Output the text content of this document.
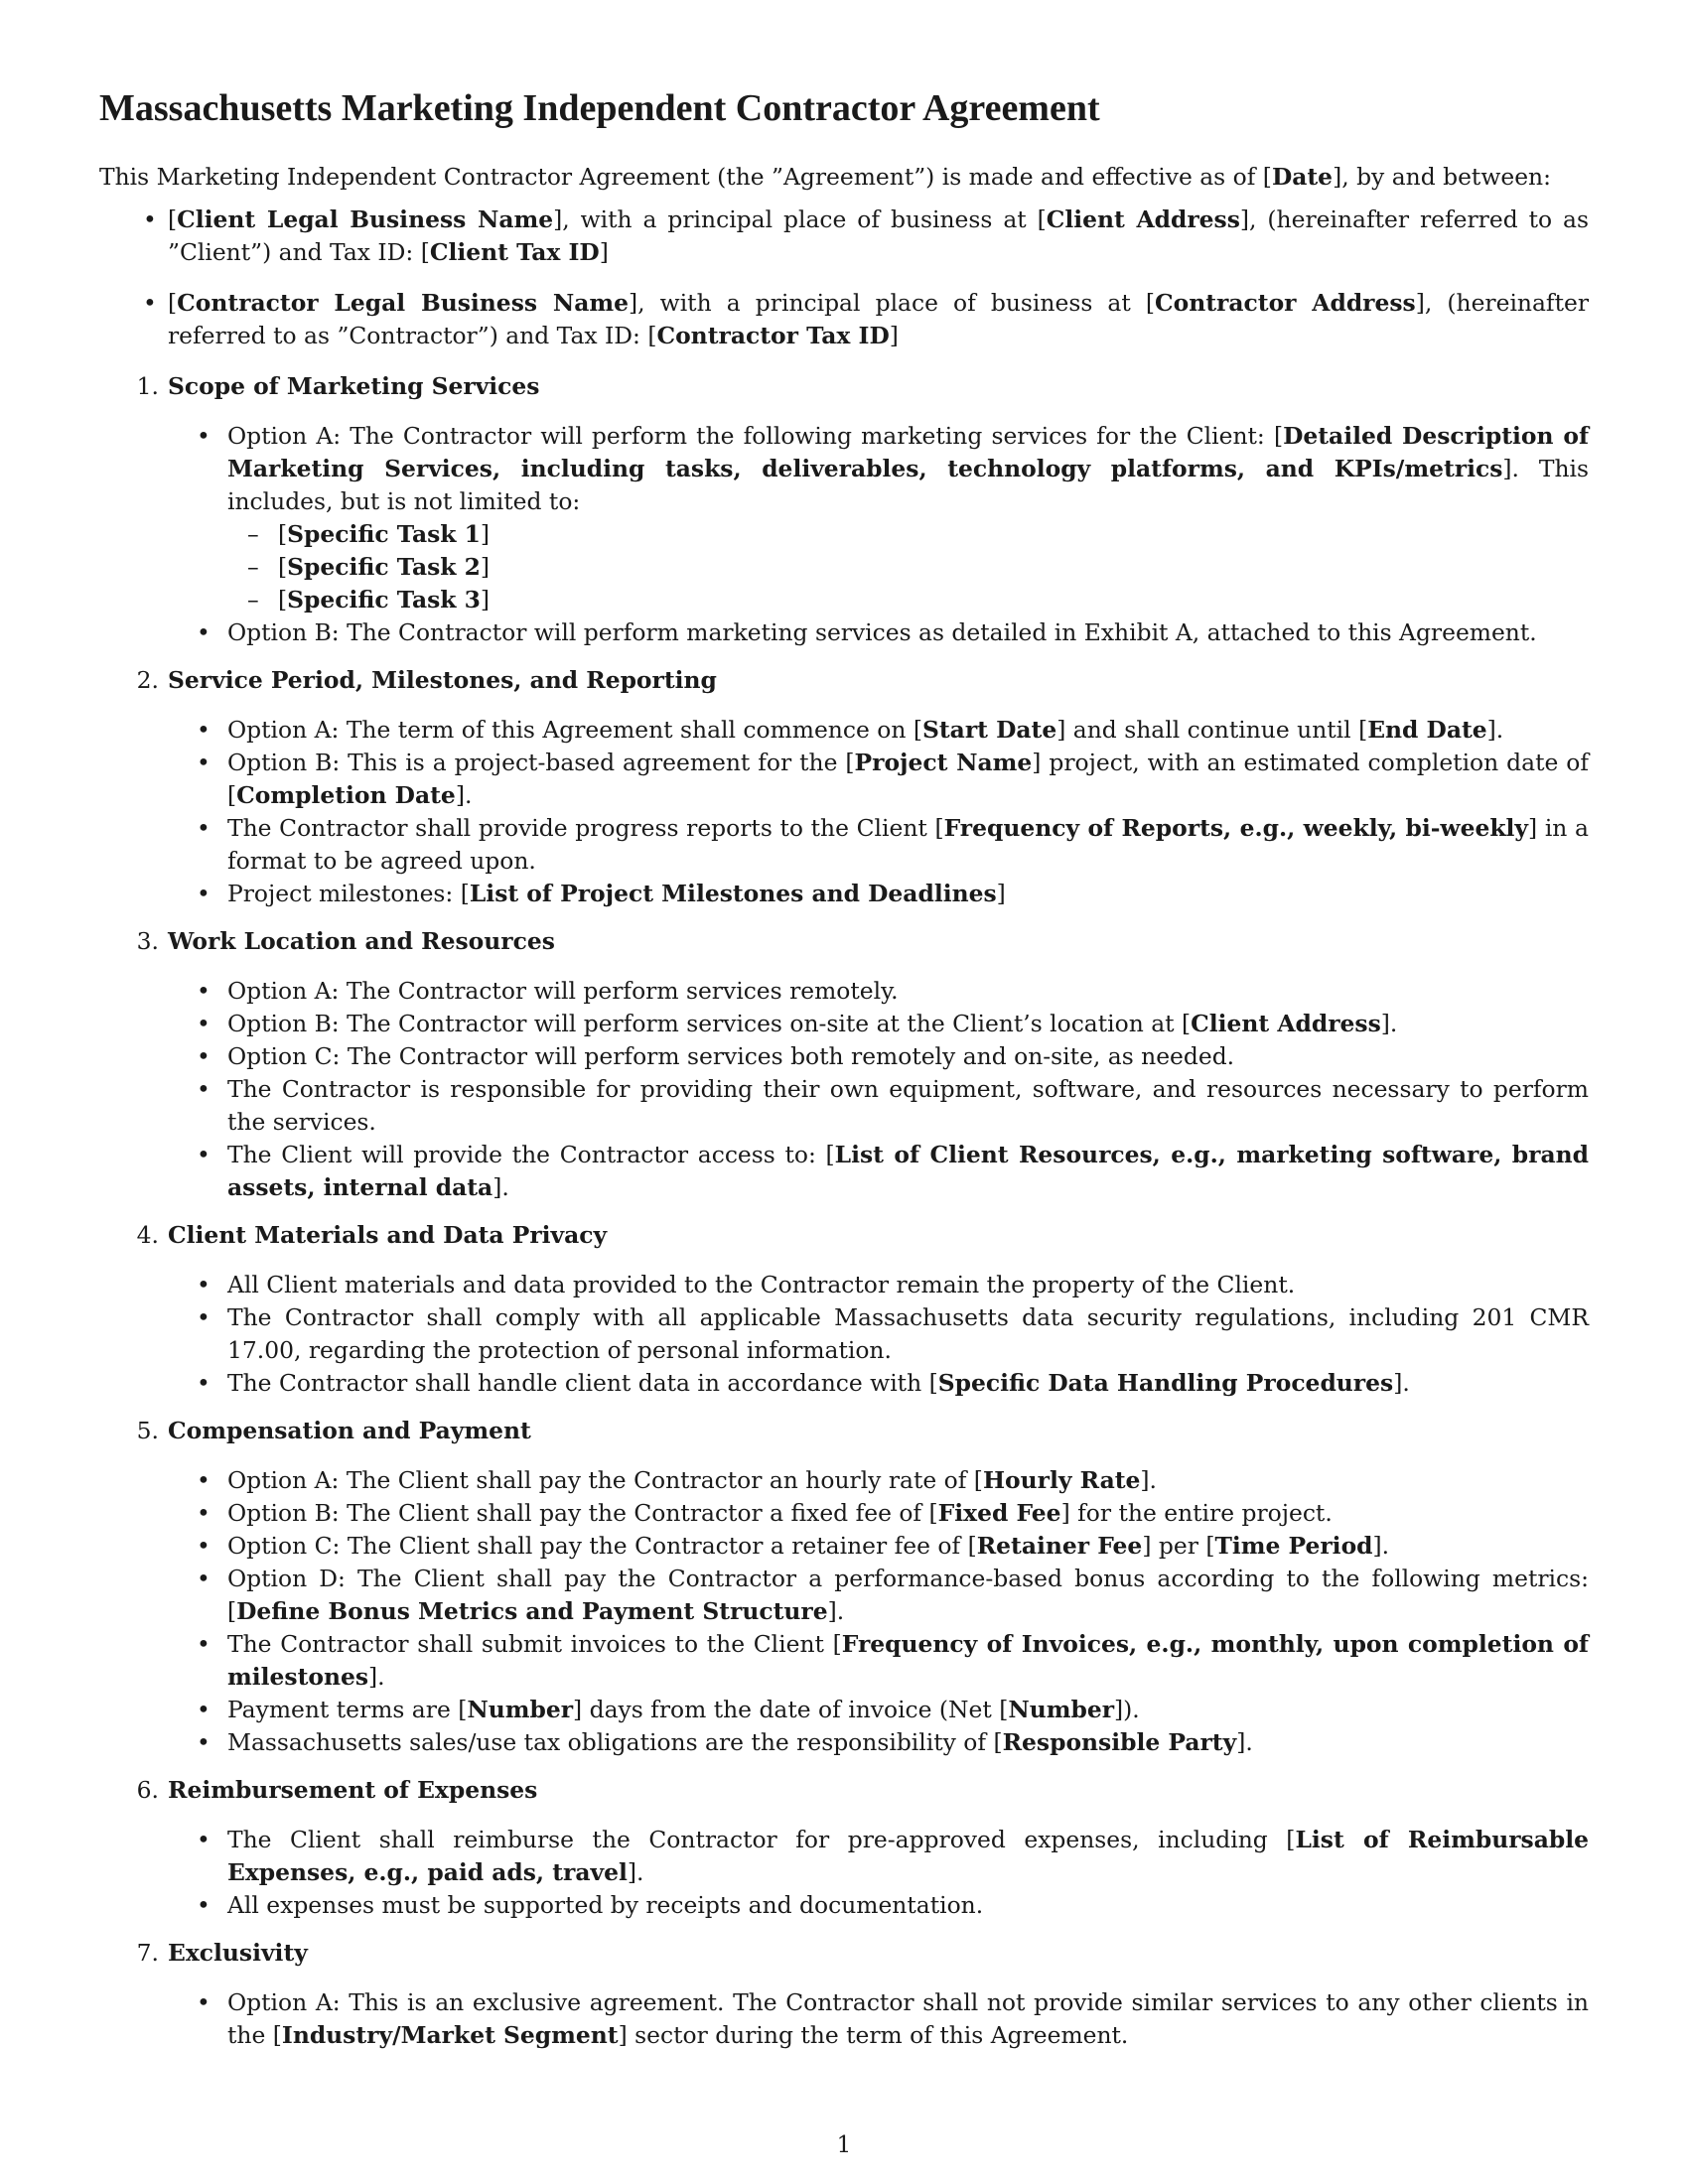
Massachusetts Marketing Independent Contractor Agreement

This Marketing Independent Contractor Agreement (the ”Agreement”) is made and effective as of [Date], by and between:

• [Client Legal Business Name], with a principal place of business at [Client Address], (hereinafter referred to as ”Client”) and Tax ID: [Client Tax ID]
• [Contractor Legal Business Name], with a principal place of business at [Contractor Address], (hereinafter referred to as ”Contractor”) and Tax ID: [Contractor Tax ID]
1. Scope of Marketing Services
• Option A: The Contractor will perform the following marketing services for the Client: [Detailed Description of Marketing Services, including tasks, deliverables, technology platforms, and KPIs/metrics]. This includes, but is not limited to:
– [Specific Task 1]
– [Specific Task 2]
– [Specific Task 3]
• Option B: The Contractor will perform marketing services as detailed in Exhibit A, attached to this Agreement.
2. Service Period, Milestones, and Reporting
• Option A: The term of this Agreement shall commence on [Start Date] and shall continue until [End Date].
• Option B: This is a project-based agreement for the [Project Name] project, with an estimated completion date of [Completion Date].
• The Contractor shall provide progress reports to the Client [Frequency of Reports, e.g., weekly, bi-weekly] in a format to be agreed upon.
• Project milestones: [List of Project Milestones and Deadlines]
3. Work Location and Resources
• Option A: The Contractor will perform services remotely.
• Option B: The Contractor will perform services on-site at the Client’s location at [Client Address].
• Option C: The Contractor will perform services both remotely and on-site, as needed.
• The Contractor is responsible for providing their own equipment, software, and resources necessary to perform the services.
• The Client will provide the Contractor access to: [List of Client Resources, e.g., marketing software, brand assets, internal data].
4. Client Materials and Data Privacy
• All Client materials and data provided to the Contractor remain the property of the Client.
• The Contractor shall comply with all applicable Massachusetts data security regulations, including 201 CMR 17.00, regarding the protection of personal information.
• The Contractor shall handle client data in accordance with [Specific Data Handling Procedures].
5. Compensation and Payment
• Option A: The Client shall pay the Contractor an hourly rate of [Hourly Rate].
• Option B: The Client shall pay the Contractor a fixed fee of [Fixed Fee] for the entire project.
• Option C: The Client shall pay the Contractor a retainer fee of [Retainer Fee] per [Time Period].
• Option D: The Client shall pay the Contractor a performance-based bonus according to the following metrics: [Define Bonus Metrics and Payment Structure].
• The Contractor shall submit invoices to the Client [Frequency of Invoices, e.g., monthly, upon completion of milestones].
• Payment terms are [Number] days from the date of invoice (Net [Number]).
• Massachusetts sales/use tax obligations are the responsibility of [Responsible Party].
6. Reimbursement of Expenses
• The Client shall reimburse the Contractor for pre-approved expenses, including [List of Reimbursable Expenses, e.g., paid ads, travel].
• All expenses must be supported by receipts and documentation.
7. Exclusivity
• Option A: This is an exclusive agreement. The Contractor shall not provide similar services to any other clients in the [Industry/Market Segment] sector during the term of this Agreement.
1
